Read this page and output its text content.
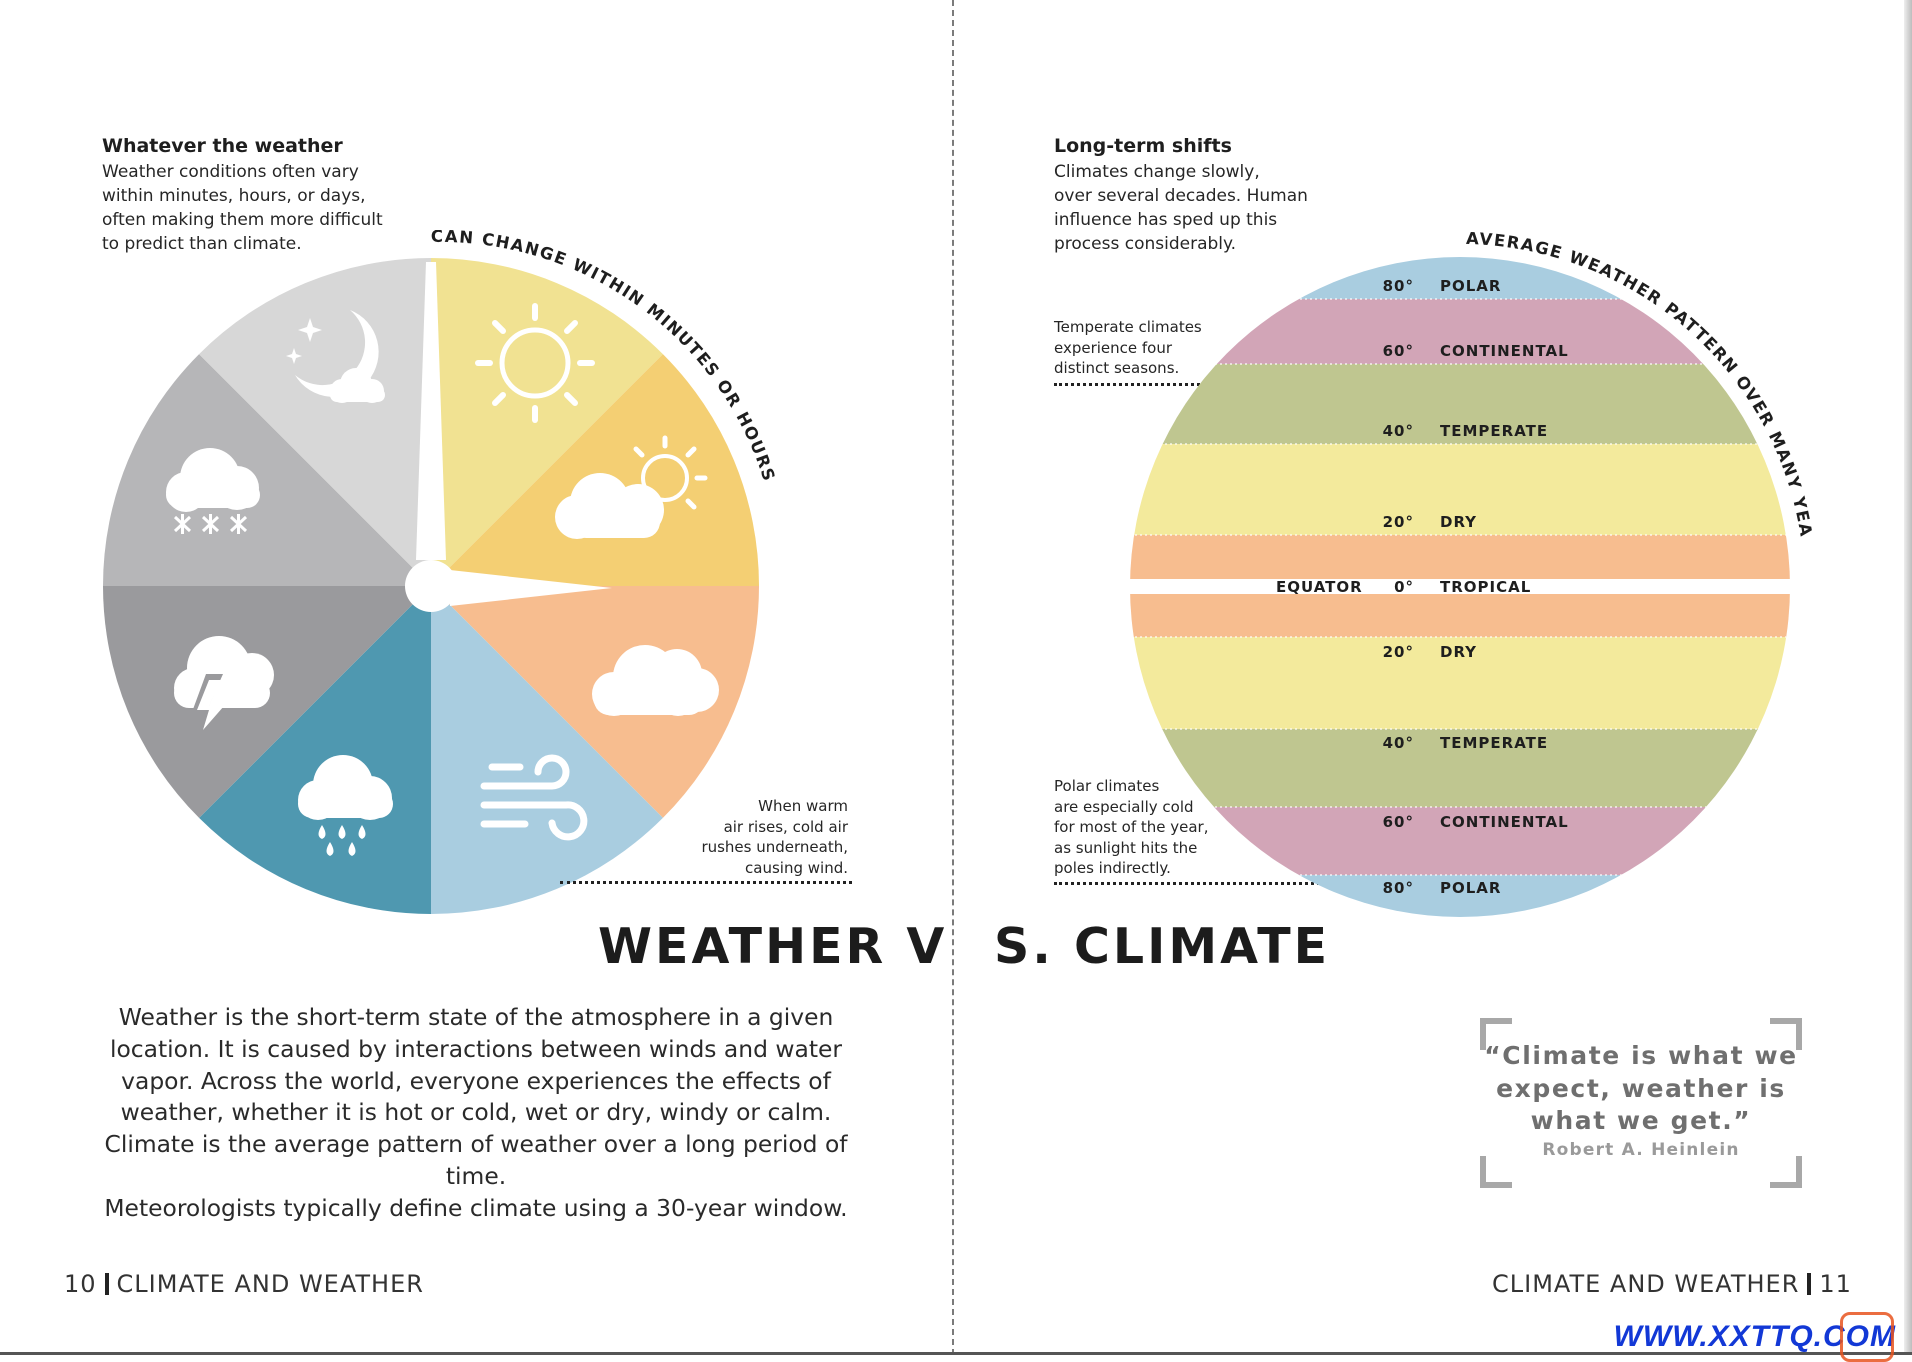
Whatever the weather
Weather conditions often vary
within minutes, hours, or days,
often making them more difficult
to predict than climate.	CAN CHANGE WITHIN MINUTES OR HOURS
When warm
air rises, cold air
rushes underneath,
causing wind.
WEATHER V S. CLIMATE
Weather is the short-term state of the atmosphere in a given
location. It is caused by interactions between winds and water
vapor. Across the world, everyone experiences the effects of
weather, whether it is hot or cold, wet or dry, windy or calm.
Climate is the average pattern of weather over a long period of time.
Meteorologists typically define climate using a 30-year window.
10 CLIMATE AND WEATHER
Long-term shifts
Climates change slowly,
over several decades. Human
influence has sped up this
process considerably.
Temperate climates
experience four
distinct seasons.
Polar climates
are especially cold
for most of the year,
as sunlight hits the
poles indirectly.
80° POLAR
60° CONTINENTAL
40° TEMPERATE
20° DRY
EQUATOR 0° TROPICAL
20° DRY
40° TEMPERATE
60° CONTINENTAL
80° POLAR
AVERAGE WEATHER PATTERN OVER MANY YEA
“Climate is what we
expect, weather is
what we get.”
Robert A. Heinlein
CLIMATE AND WEATHER 11
WWW.XXTTQ.COM
